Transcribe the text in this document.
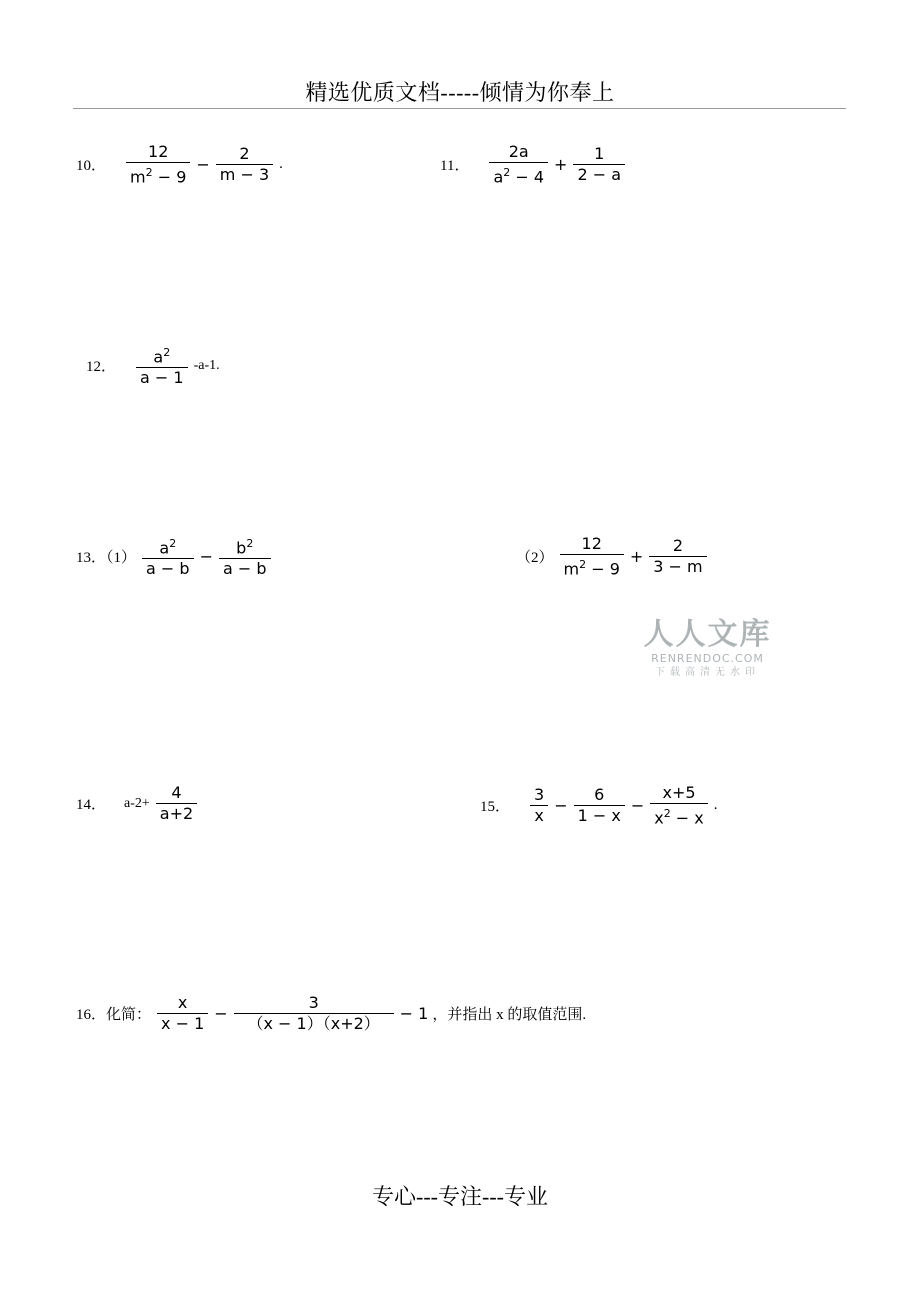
精选优质文档-----倾情为你奉上
10． $\frac{12}{m^2 - 9} - \frac{2}{m - 3}$ .	11． $\frac{2a}{a^2 - 4} + \frac{1}{2 - a}$
12． $\frac{a^2}{a - 1} -a-1$.
13．$(1) \frac{a^2}{a - b} - \frac{b^2}{a - b}$	$(2) \frac{12}{m^2 - 9} + \frac{2}{3 - m}$
人人文库
RENRENDOC.COM
下载高清无水印
14． $a-2+ \frac{4}{a+2}$	15． $\frac{3}{x} - \frac{6}{1 - x} - \frac{x+5}{x^2 - x}$ .
16．化简： $\frac{x}{x - 1} - \frac{3}{(x - 1)(x+2)} - 1$ ，并指出 x 的取值范围.
专心---专注---专业
